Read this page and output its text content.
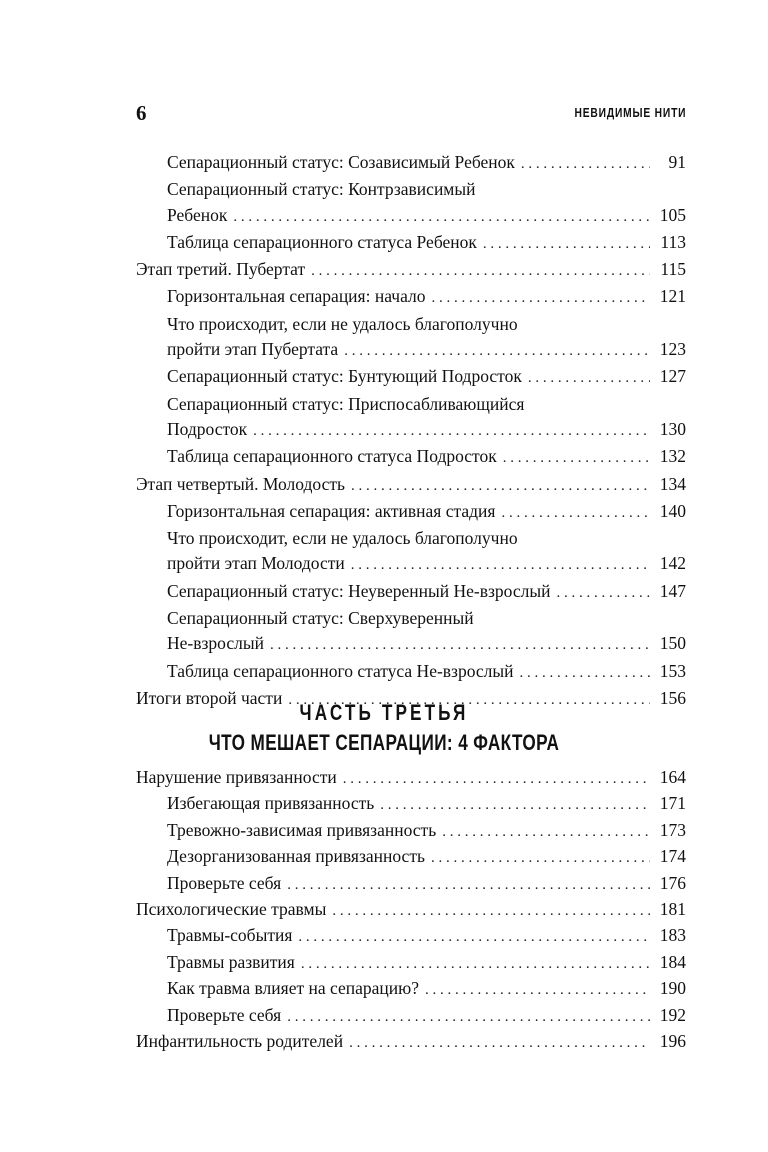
6	НЕВИДИМЫЕ НИТИ
Сепарационный статус: Созависимый Ребенок . . .	91
Сепарационный статус: Контрзависимый
Ребенок . . .	105
Таблица сепарационного статуса Ребенок . . .	113
Этап третий. Пубертат . . .	115
Горизонтальная сепарация: начало . . .	121
Что происходит, если не удалось благополучно
пройти этап Пубертата . . .	123
Сепарационный статус: Бунтующий Подросток . . .	127
Сепарационный статус: Приспосабливающийся
Подросток . . .	130
Таблица сепарационного статуса Подросток . . .	132
Этап четвертый. Молодость . . .	134
Горизонтальная сепарация: активная стадия . . .	140
Что происходит, если не удалось благополучно
пройти этап Молодости . . .	142
Сепарационный статус: Неуверенный Не-взрослый . . .	147
Сепарационный статус: Сверхуверенный
Не-взрослый . . .	150
Таблица сепарационного статуса Не-взрослый . . .	153
Итоги второй части . . .	156
ЧАСТЬ ТРЕТЬЯ
ЧТО МЕШАЕТ СЕПАРАЦИИ: 4 ФАКТОРА
Нарушение привязанности . . .	164
Избегающая привязанность . . .	171
Тревожно-зависимая привязанность . . .	173
Дезорганизованная привязанность . . .	174
Проверьте себя . . .	176
Психологические травмы . . .	181
Травмы-события . . .	183
Травмы развития . . .	184
Как травма влияет на сепарацию? . . .	190
Проверьте себя . . .	192
Инфантильность родителей . . .	196
